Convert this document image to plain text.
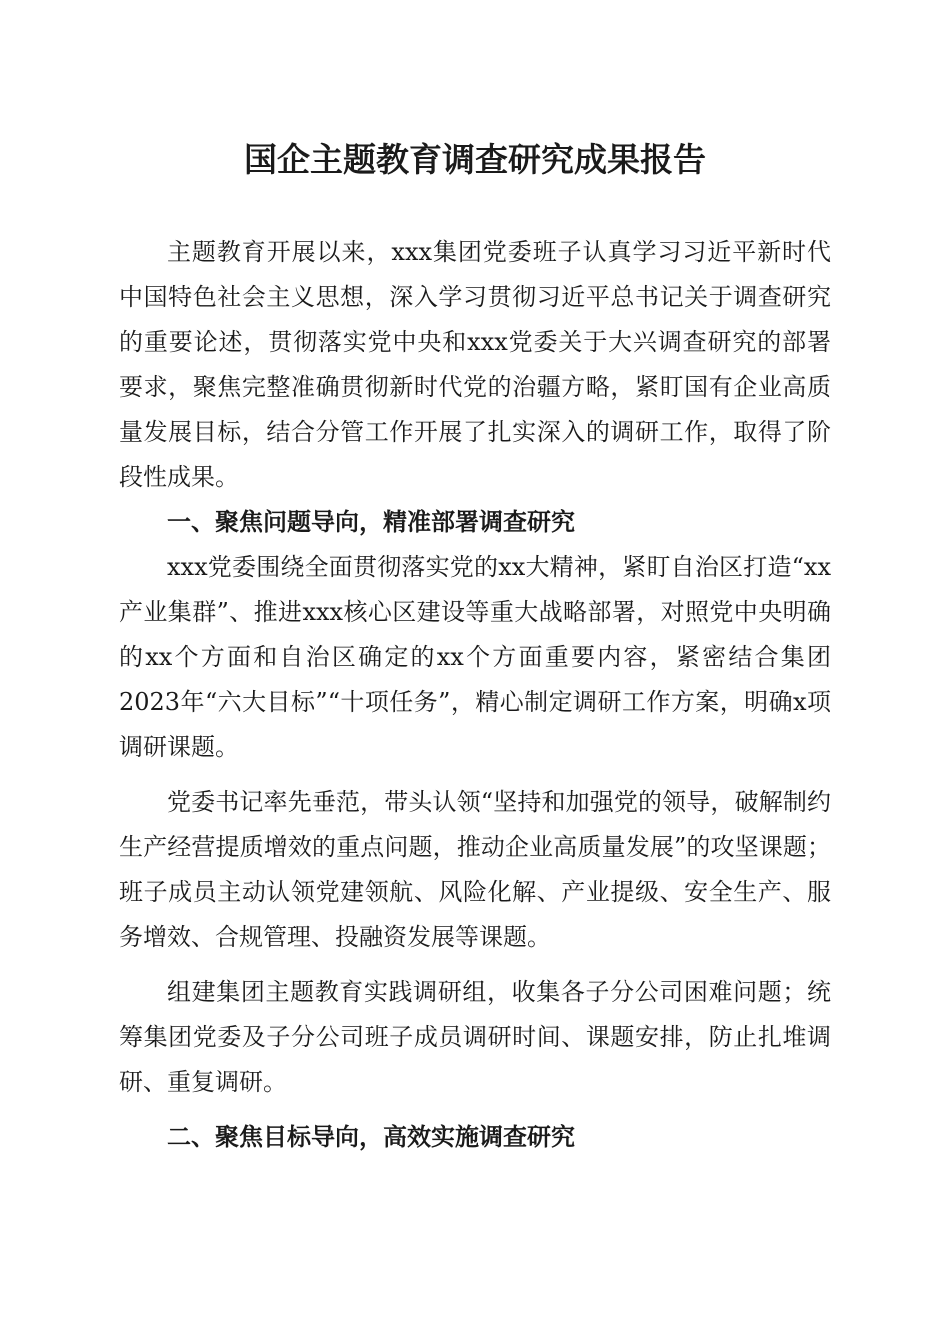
国企主题教育调查研究成果报告

主题教育开展以来，xxx集团党委班子认真学习习近平新时代中国特色社会主义思想，深入学习贯彻习近平总书记关于调查研究的重要论述，贯彻落实党中央和xxx党委关于大兴调查研究的部署要求，聚焦完整准确贯彻新时代党的治疆方略，紧盯国有企业高质量发展目标，结合分管工作开展了扎实深入的调研工作，取得了阶段性成果。

一、聚焦问题导向，精准部署调查研究

xxx党委围绕全面贯彻落实党的xx大精神，紧盯自治区打造“xx产业集群”、推进xxx核心区建设等重大战略部署，对照党中央明确的xx个方面和自治区确定的xx个方面重要内容，紧密结合集团2023年“六大目标”“十项任务”，精心制定调研工作方案，明确x项调研课题。

党委书记率先垂范，带头认领“坚持和加强党的领导，破解制约生产经营提质增效的重点问题，推动企业高质量发展”的攻坚课题；班子成员主动认领党建领航、风险化解、产业提级、安全生产、服务增效、合规管理、投融资发展等课题。

组建集团主题教育实践调研组，收集各子分公司困难问题；统筹集团党委及子分公司班子成员调研时间、课题安排，防止扎堆调研、重复调研。

二、聚焦目标导向，高效实施调查研究
